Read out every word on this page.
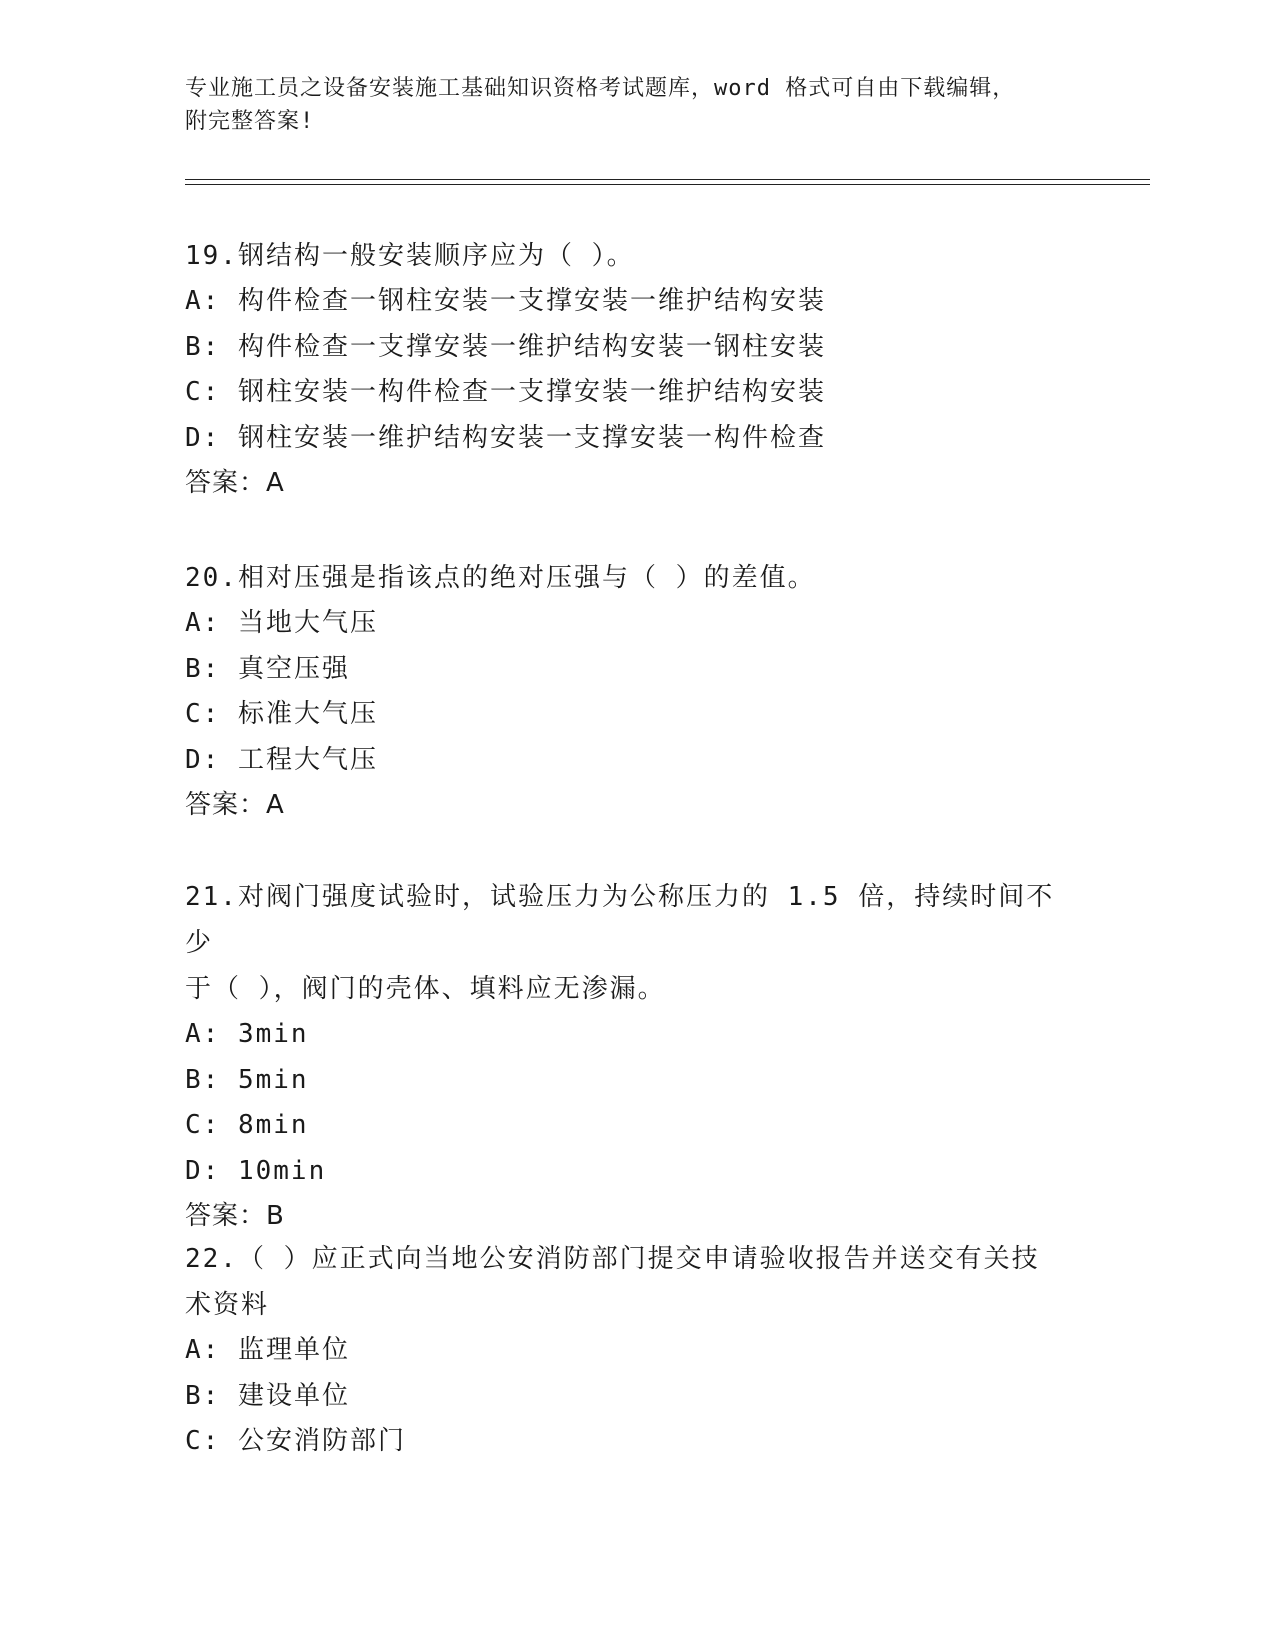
专业施工员之设备安装施工基础知识资格考试题库，word 格式可自由下载编辑，
附完整答案!
19.钢结构一般安装顺序应为（ ）。
A: 构件检查一钢柱安装一支撑安装一维护结构安装
B: 构件检查一支撑安装一维护结构安装一钢柱安装
C: 钢柱安装一构件检查一支撑安装一维护结构安装
D: 钢柱安装一维护结构安装一支撑安装一构件检查
答案：A
20.相对压强是指该点的绝对压强与（ ）的差值。
A: 当地大气压
B: 真空压强
C: 标准大气压
D: 工程大气压
答案：A
21.对阀门强度试验时，试验压力为公称压力的 1.5 倍，持续时间不少
于（ ），阀门的壳体、填料应无渗漏。
A: 3min
B: 5min
C: 8min
D: 10min
答案：B
22.（ ）应正式向当地公安消防部门提交申请验收报告并送交有关技
术资料
A: 监理单位
B: 建设单位
C: 公安消防部门
